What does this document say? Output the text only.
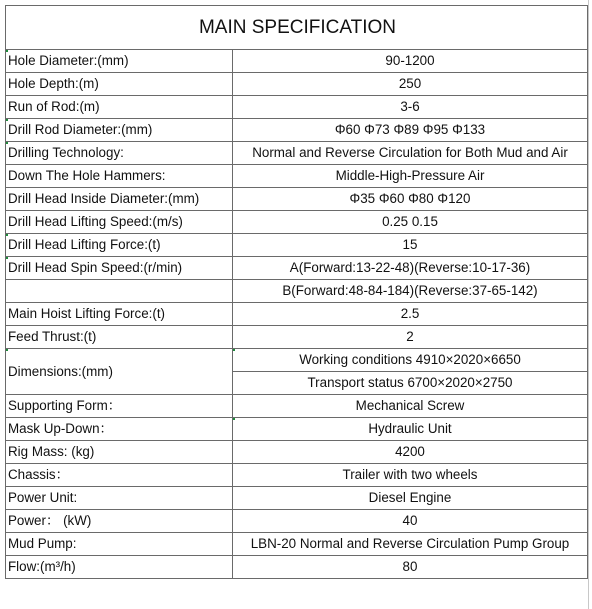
MAIN SPECIFICATION	
Hole Diameter:(mm)	90-1200
Hole Depth:(m)	250
Run of Rod:(m)	3-6
Drill Rod Diameter:(mm)	Φ60 Φ73 Φ89 Φ95 Φ133
Drilling Technology:	Normal and Reverse Circulation for Both Mud and Air
Down The Hole Hammers:	Middle-High-Pressure Air
Drill Head Inside Diameter:(mm)	Φ35 Φ60 Φ80 Φ120
Drill Head Lifting Speed:(m/s)	0.25 0.15
Drill Head Lifting Force:(t)	15
Drill Head Spin Speed:(r/min)	A(Forward:13-22-48)(Reverse:10-17-36)
	B(Forward:48-84-184)(Reverse:37-65-142)
Main Hoist Lifting Force:(t)	2.5
Feed Thrust:(t)	2
Dimensions:(mm)	Working conditions 4910×2020×6650
	Transport status 6700×2020×2750
Supporting Form：	Mechanical Screw
Mask Up-Down：	Hydraulic Unit
Rig Mass: (kg)	4200
Chassis：	Trailer with two wheels
Power Unit:	Diesel Engine
Power： (kW)	40
Mud Pump:	LBN-20 Normal and Reverse Circulation Pump Group
Flow:(m³/h)	80
